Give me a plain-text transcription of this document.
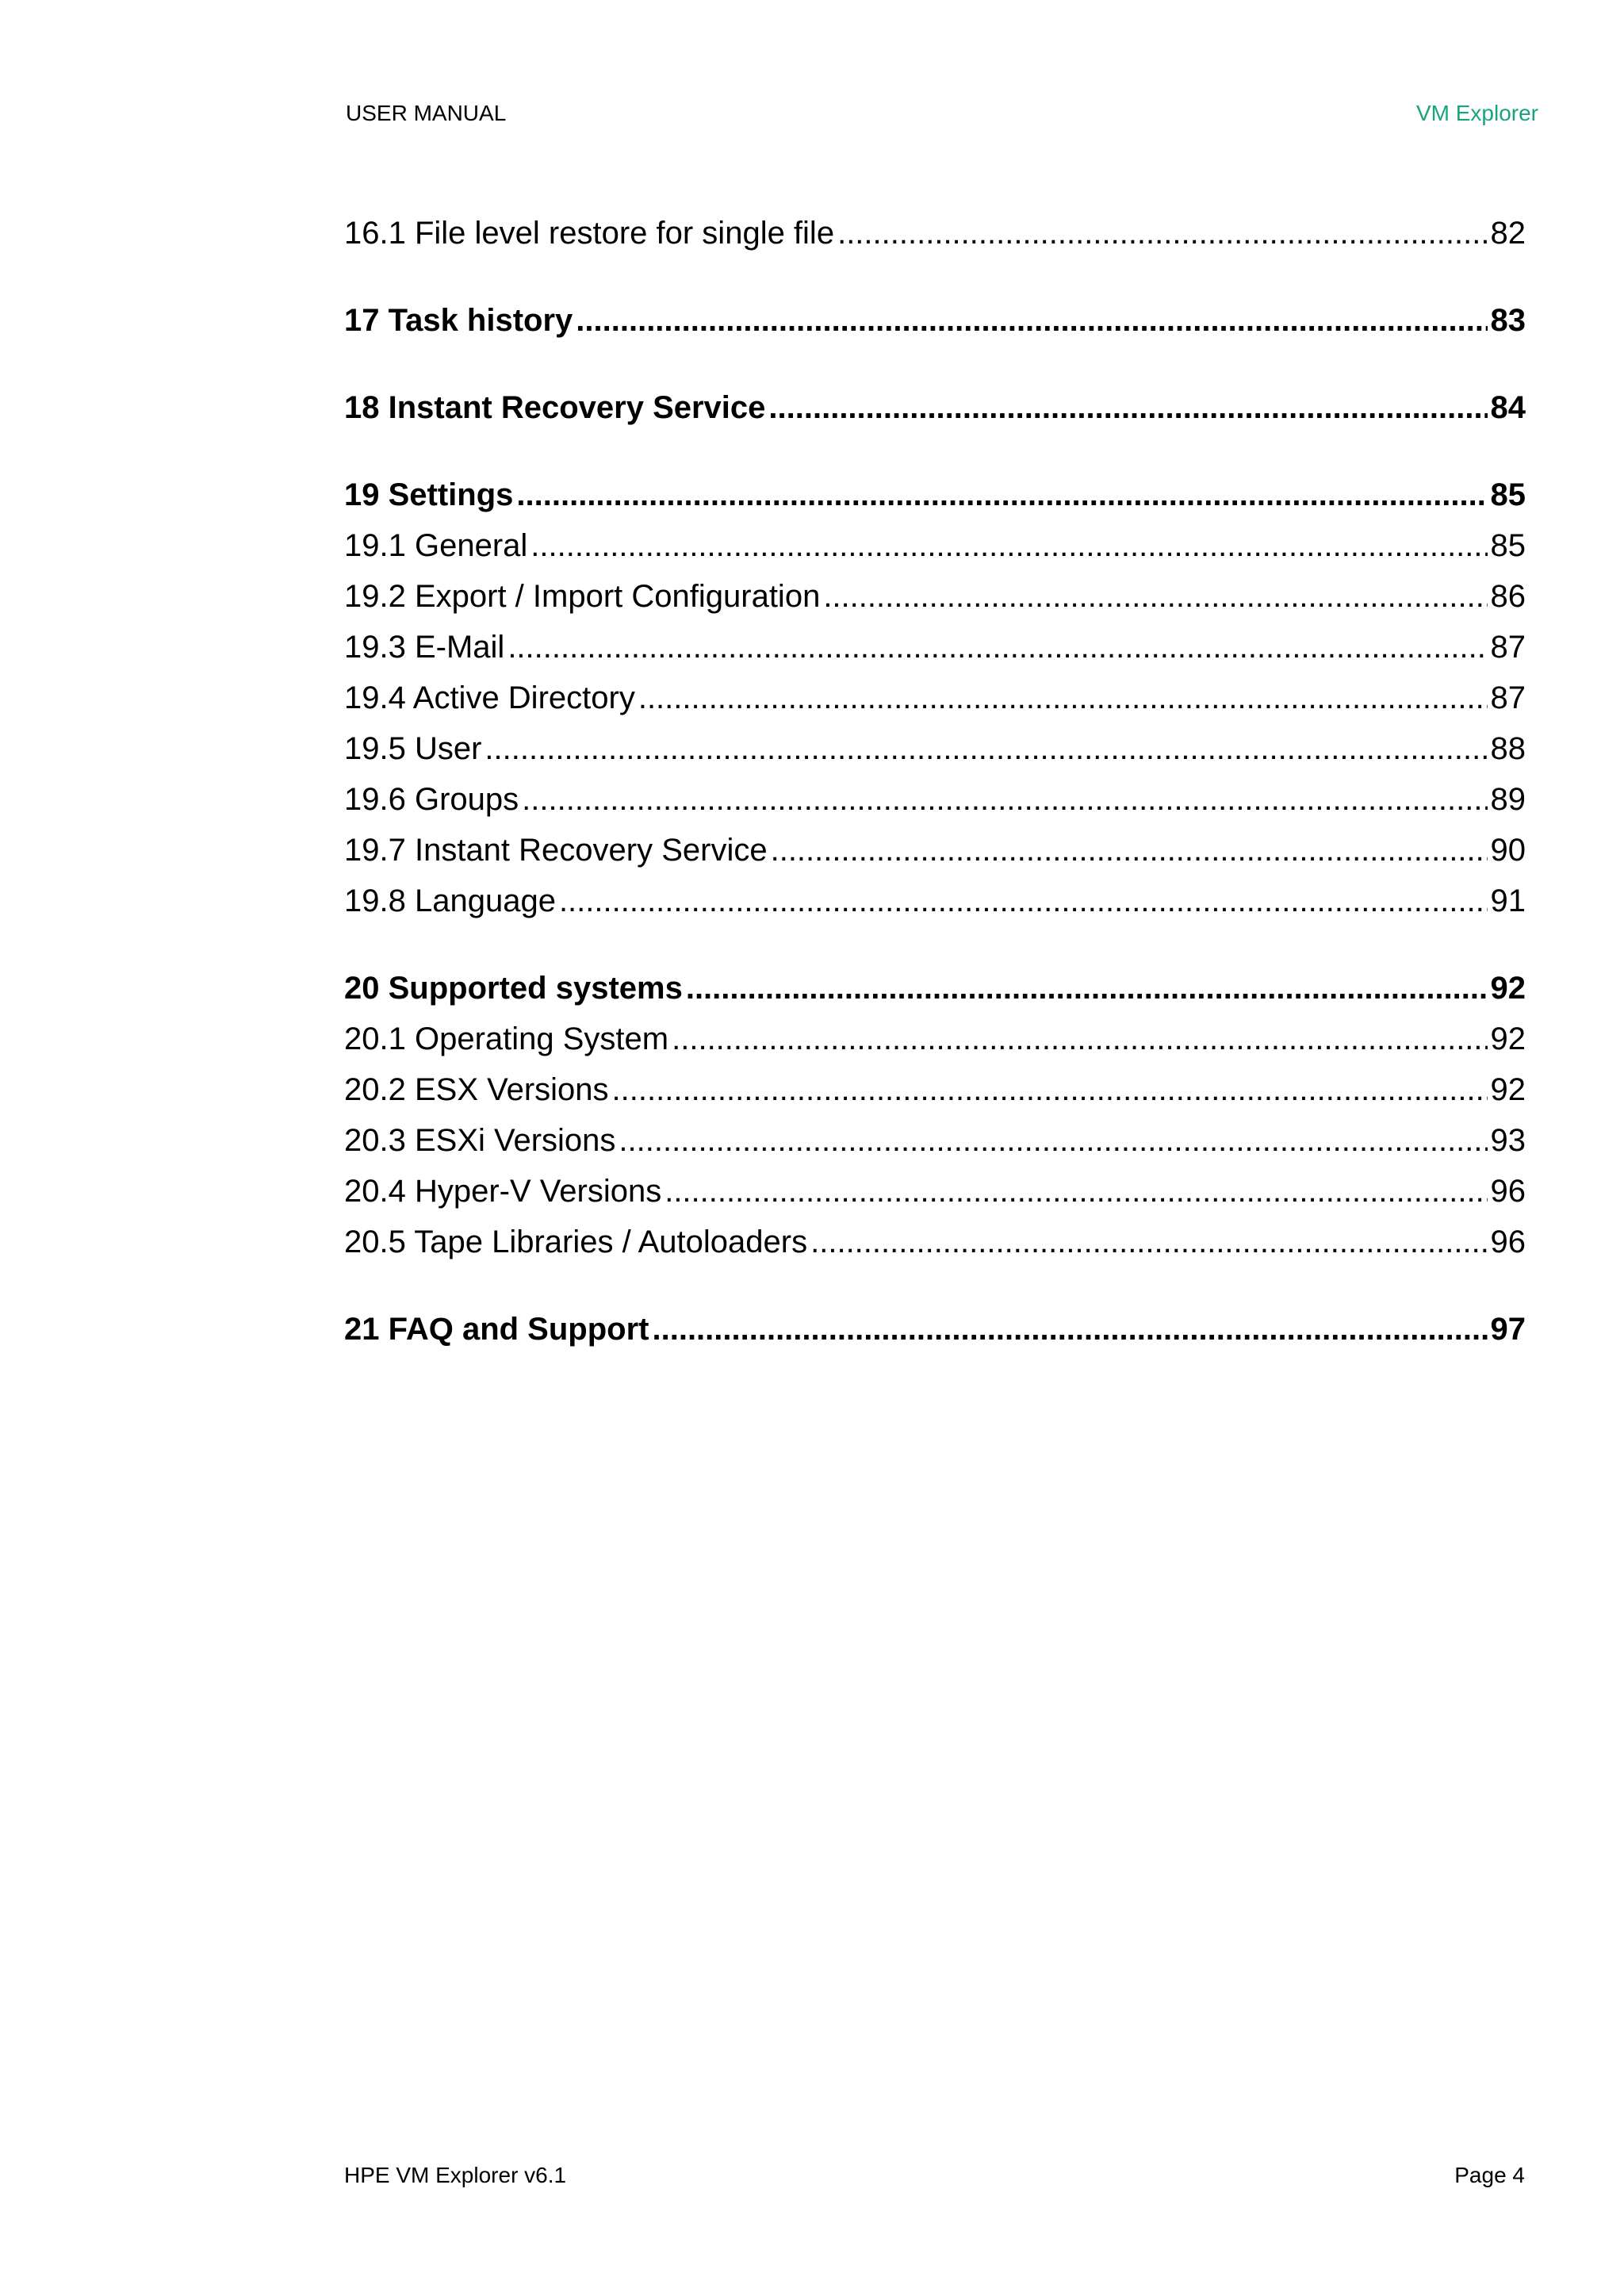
USER MANUAL	VM Explorer
16.1 File level restore for single file .....	82
17 Task history .....	83
18 Instant Recovery Service .....	84
19 Settings .....	85
19.1 General .....	85
19.2 Export / Import Configuration .....	86
19.3 E-Mail .....	87
19.4 Active Directory .....	87
19.5 User .....	88
19.6 Groups .....	89
19.7 Instant Recovery Service .....	90
19.8 Language .....	91
20 Supported systems .....	92
20.1 Operating System .....	92
20.2 ESX Versions .....	92
20.3 ESXi Versions .....	93
20.4 Hyper-V Versions .....	96
20.5 Tape Libraries / Autoloaders .....	96
21 FAQ and Support .....	97
HPE VM Explorer v6.1	Page 4
